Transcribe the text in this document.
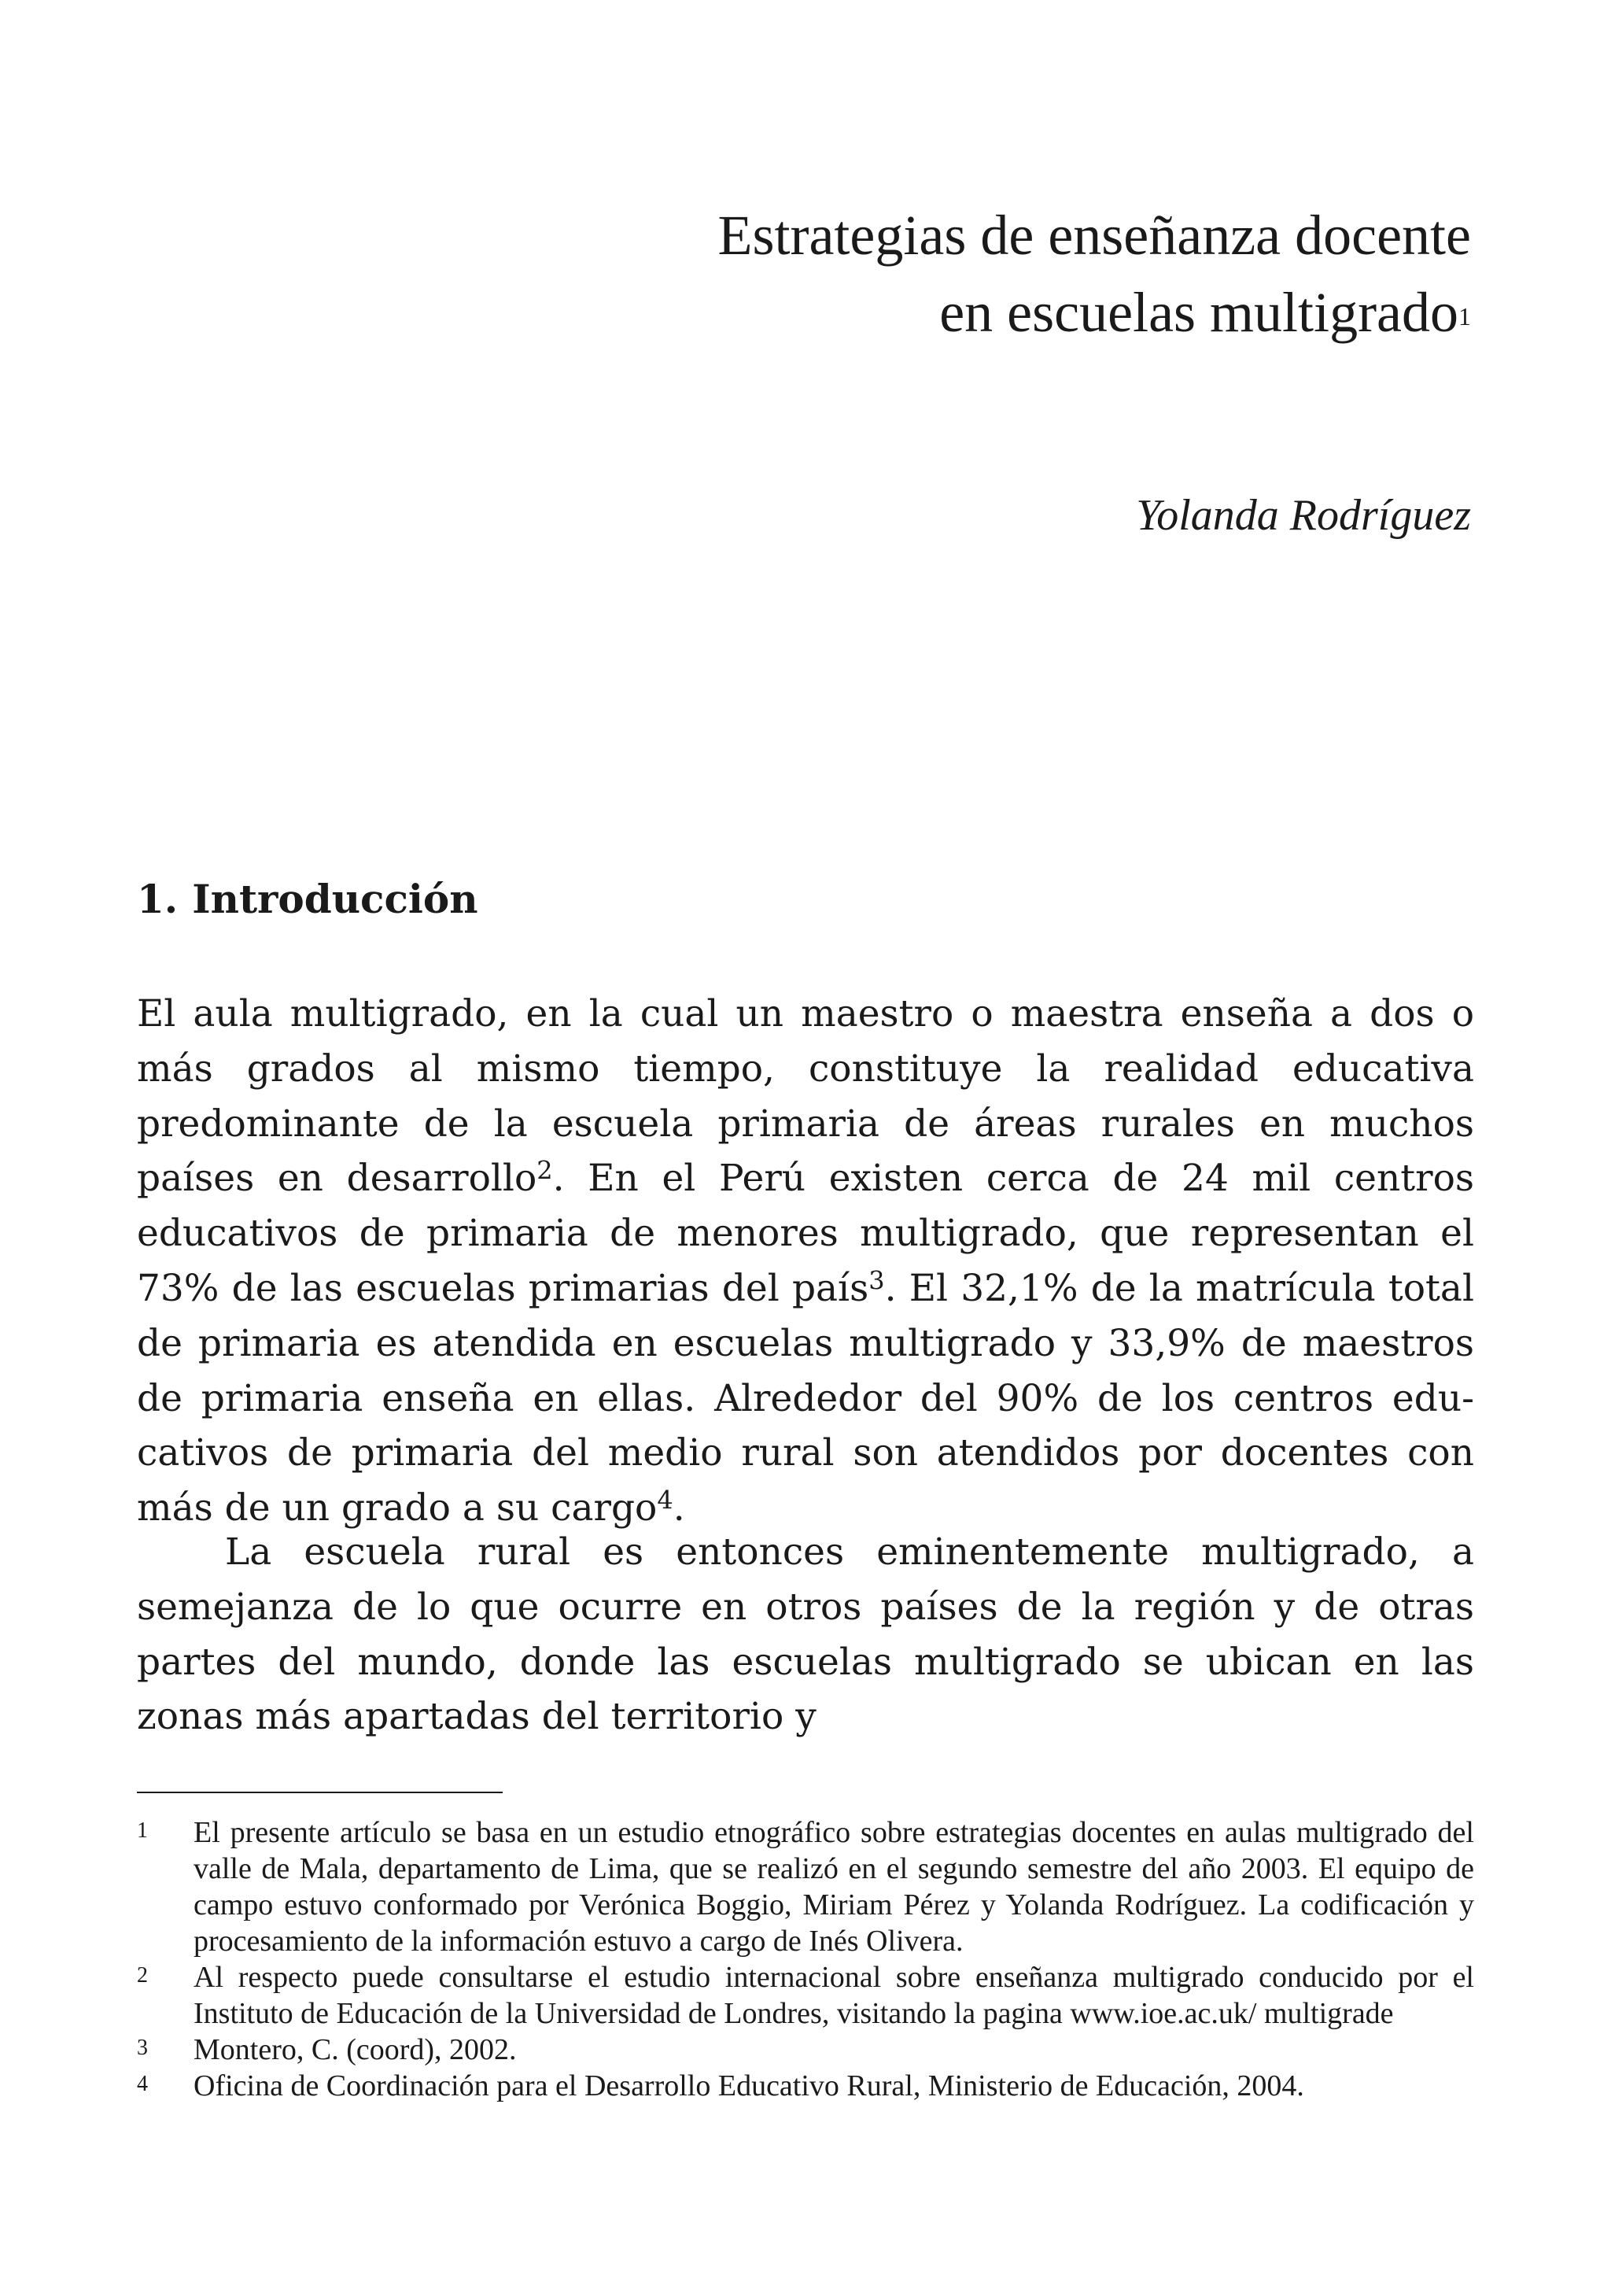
Estrategias de enseñanza docente
en escuelas multigrado1
Yolanda Rodríguez
1. Introducción

El aula multigrado, en la cual un maestro o maestra enseña a dos o más grados al mismo tiempo, constituye la realidad educativa predominante de la escuela primaria de áreas rurales en muchos países en desarrollo$^2$. En el Perú existen cerca de 24 mil centros educativos de primaria de menores multigrado, que representan el 73% de las escuelas primarias del país$^3$. El 32,1% de la matrícula total de primaria es atendida en escuelas multigrado y 33,9% de maestros de primaria enseña en ellas. Alrededor del 90% de los centros educativos de primaria del medio rural son atendidos por docentes con más de un grado a su cargo$^4$.

La escuela rural es entonces eminentemente multigrado, a semejanza de lo que ocurre en otros países de la región y de otras partes del mundo, donde las escuelas multigrado se ubican en las zonas más apartadas del territorio y

1 El presente artículo se basa en un estudio etnográfico sobre estrategias docentes en aulas multigrado del valle de Mala, departamento de Lima, que se realizó en el segundo semestre del año 2003. El equipo de campo estuvo conformado por Verónica Boggio, Miriam Pérez y Yolanda Rodríguez. La codificación y procesamiento de la información estuvo a cargo de Inés Olivera.
2 Al respecto puede consultarse el estudio internacional sobre enseñanza multigrado conducido por el Instituto de Educación de la Universidad de Londres, visitando la pagina www.ioe.ac.uk/ multigrade
3 Montero, C. (coord), 2002.
4 Oficina de Coordinación para el Desarrollo Educativo Rural, Ministerio de Educación, 2004.
